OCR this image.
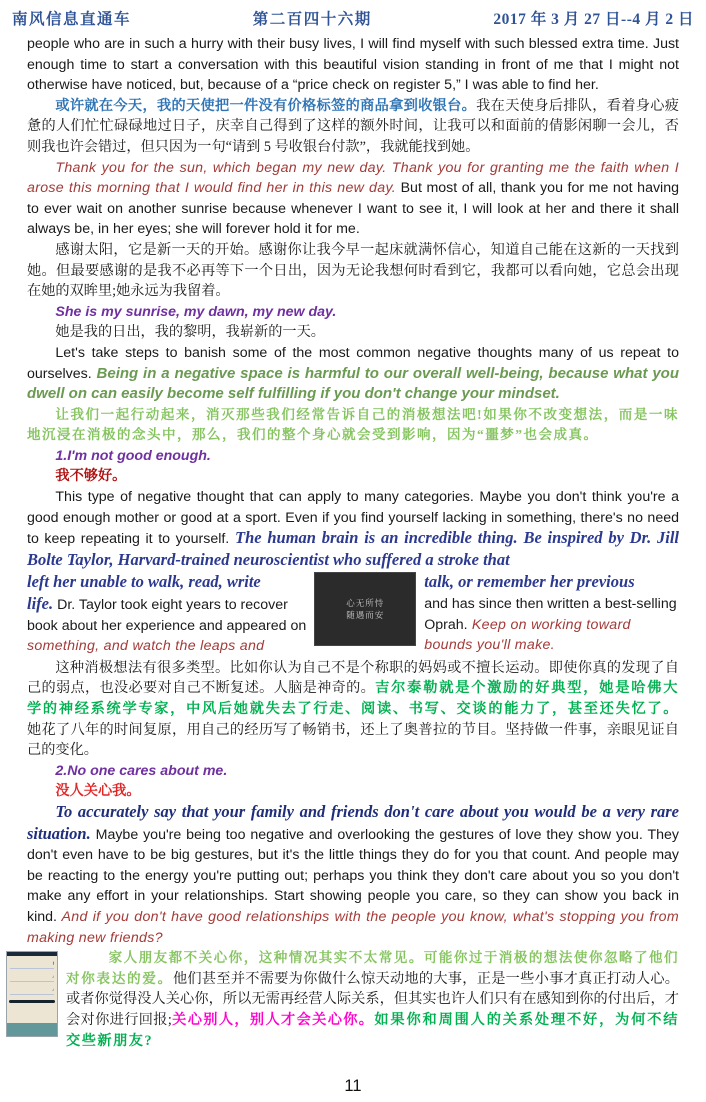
南风信息直通车	第二百四十六期	2017 年 3 月 27 日--4 月 2 日

people who are in such a hurry with their busy lives, I will find myself with such blessed extra time. Just enough time to start a conversation with this beautiful vision standing in front of me that I might not otherwise have noticed, but, because of a “price check on register 5,” I was able to find her.

或许就在今天，我的天使把一件没有价格标签的商品拿到收银台。我在天使身后排队，看着身心疲惫的人们忙忙碌碌地过日子，庆幸自己得到了这样的额外时间，让我可以和面前的倩影闲聊一会儿，否则我也许会错过，但只因为一句“请到 5 号收银台付款”，我就能找到她。

Thank you for the sun, which began my new day. Thank you for granting me the faith when I arose this morning that I would find her in this new day. But most of all, thank you for me not having to ever wait on another sunrise because whenever I want to see it, I will look at her and there it shall always be, in her eyes; she will forever hold it for me.

感谢太阳，它是新一天的开始。感谢你让我今早一起床就满怀信心，知道自己能在这新的一天找到她。但最要感谢的是我不必再等下一个日出，因为无论我想何时看到它，我都可以看向她，它总会出现在她的双眸里;她永远为我留着。

She is my sunrise, my dawn, my new day.

她是我的日出，我的黎明，我崭新的一天。

Let's take steps to banish some of the most common negative thoughts many of us repeat to ourselves. Being in a negative space is harmful to our overall well-being, because what you dwell on can easily become self fulfilling if you don't change your mindset.

让我们一起行动起来，消灭那些我们经常告诉自己的消极想法吧!如果你不改变想法，而是一味地沉浸在消极的念头中，那么，我们的整个身心就会受到影响，因为“噩梦”也会成真。

1.I'm not good enough.

我不够好。

This type of negative thought that can apply to many categories. Maybe you don't think you're a good enough mother or good at a sport. Even if you find yourself lacking in something, there's no need to keep repeating it to yourself. The human brain is an incredible thing. Be inspired by Dr. Jill Bolte Taylor, Harvard-trained neuroscientist who suffered a stroke that

left her unable to walk, read, write
life. Dr. Taylor took eight years to recover
book about her experience and appeared on
something, and watch the leaps and
心无所恃
随遇而安
talk, or remember her previous
and has since then written a best-selling
Oprah. Keep on working toward
bounds you'll make.

这种消极想法有很多类型。比如你认为自己不是个称职的妈妈或不擅长运动。即使你真的发现了自己的弱点，也没必要对自己不断复述。人脑是神奇的。吉尔泰勒就是个激励的好典型，她是哈佛大学的神经系统学专家，中风后她就失去了行走、阅读、书写、交谈的能力了，甚至还失忆了。她花了八年的时间复原，用自己的经历写了畅销书，还上了奥普拉的节目。坚持做一件事，亲眼见证自己的变化。

2.No one cares about me.

没人关心我。

To accurately say that your family and friends don't care about you would be a very rare situation. Maybe you're being too negative and overlooking the gestures of love they show you. They don't even have to be big gestures, but it's the little things they do for you that count. And people may be reacting to the energy you're putting out; perhaps you think they don't care about you so you don't make any effort in your relationships. Start showing people you care, so they can show you back in kind. And if you don't have good relationships with the people you know, what's stopping you from making new friends?

家人朋友都不关心你，这种情况其实不太常见。可能你过于消极的想法使你忽略了他们对你表达的爱。他们甚至并不需要为你做什么惊天动地的大事，正是一些小事才真正打动人心。或者你觉得没人关心你，所以无需再经营人际关系，但其实也许人们只有在感知到你的付出后，才会对你进行回报;关心别人，别人才会关心你。如果你和周围人的关系处理不好，为何不结交些新朋友?

11
